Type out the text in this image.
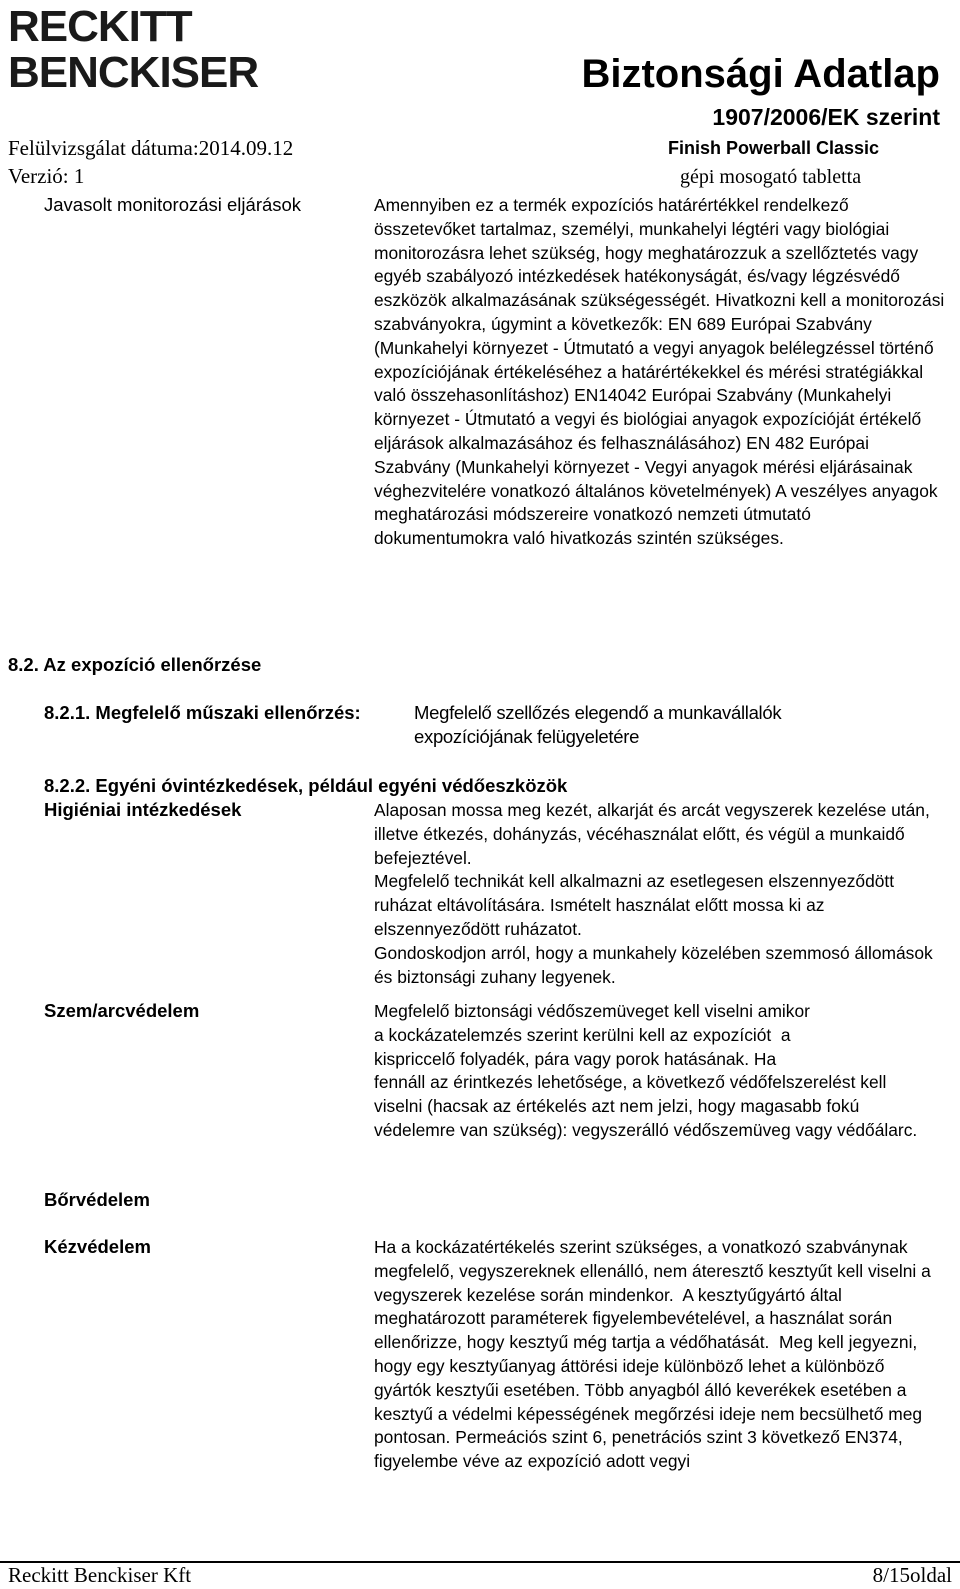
RECKITT
BENCKISER	Biztonsági Adatlap
1907/2006/EK szerint
Finish Powerball Classic
gépi mosogató tabletta
Felülvizsgálat dátuma:2014.09.12
Verzió: 1
Javasolt monitorozási eljárások	Amennyiben ez a termék expozíciós határértékkel rendelkező összetevőket tartalmaz, személyi, munkahelyi légtéri vagy biológiai monitorozásra lehet szükség, hogy meghatározzuk a szellőztetés vagy egyéb szabályozó intézkedések hatékonyságát, és/vagy légzésvédő eszközök alkalmazásának szükségességét. Hivatkozni kell a monitorozási szabványokra, úgymint a következők: EN 689 Európai Szabvány (Munkahelyi környezet - Útmutató a vegyi anyagok belélegzéssel történő expozíciójának értékeléséhez a határértékekkel és mérési stratégiákkal való összehasonlításhoz) EN14042 Európai Szabvány (Munkahelyi környezet - Útmutató a vegyi és biológiai anyagok expozícióját értékelő eljárások alkalmazásához és felhasználásához) EN 482 Európai Szabvány (Munkahelyi környezet - Vegyi anyagok mérési eljárásainak véghezvitelére vonatkozó általános követelmények) A veszélyes anyagok meghatározási módszereire vonatkozó nemzeti útmutató dokumentumokra való hivatkozás szintén szükséges.

8.2. Az expozíció ellenőrzése
8.2.1. Megfelelő műszaki ellenőrzés:	Megfelelő szellőzés elegendő a munkavállalók
expozíciójának felügyeletére
8.2.2. Egyéni óvintézkedések, például egyéni védőeszközök
Higiéniai intézkedések	Alaposan mossa meg kezét, alkarját és arcát vegyszerek kezelése után, illetve étkezés, dohányzás, vécéhasználat előtt, és végül a munkaidő befejeztével.

Megfelelő technikát kell alkalmazni az esetlegesen elszennyeződött ruházat eltávolítására. Ismételt használat előtt mossa ki az elszennyeződött ruházatot.

Gondoskodjon arról, hogy a munkahely közelében szemmosó állomások és biztonsági zuhany legyenek.

Szem/arcvédelem	Megfelelő biztonsági védőszemüveget kell viselni amikor

a kockázatelemzés szerint kerülni kell az expozíciót  a

kispriccelő folyadék, pára vagy porok hatásának. Ha

fennáll az érintkezés lehetősége, a következő védőfelszerelést kell viselni (hacsak az értékelés azt nem jelzi, hogy magasabb fokú védelemre van szükség): vegyszerálló védőszemüveg vagy védőálarc.

Bőrvédelem
Kézvédelem	Ha a kockázatértékelés szerint szükséges, a vonatkozó szabványnak megfelelő, vegyszereknek ellenálló, nem áteresztő kesztyűt kell viselni a vegyszerek kezelése során mindenkor.  A kesztyűgyártó által meghatározott paraméterek figyelembevételével, a használat során ellenőrizze, hogy kesztyű még tartja a védőhatását.  Meg kell jegyezni, hogy egy kesztyűanyag áttörési ideje különböző lehet a különböző gyártók kesztyűi esetében. Több anyagból álló keverékek esetében a kesztyű a védelmi képességének megőrzési ideje nem becsülhető meg pontosan. Permeációs szint 6, penetrációs szint 3 következő EN374, figyelembe véve az expozíció adott vegyi

Reckitt Benckiser Kft	8/15oldal
